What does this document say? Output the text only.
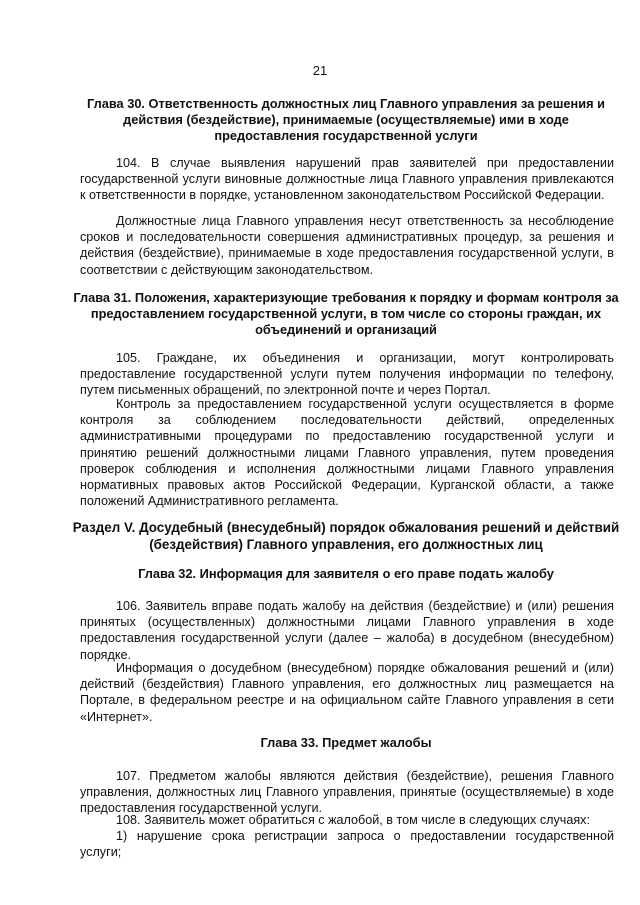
21
Глава 30. Ответственность должностных лиц Главного управления за решения и действия (бездействие), принимаемые (осуществляемые) ими в ходе предоставления государственной услуги

104. В случае выявления нарушений прав заявителей при предоставлении государственной услуги виновные должностные лица Главного управления привлекаются к ответственности в порядке, установленном законодательством Российской Федерации.

Должностные лица Главного управления несут ответственность за несоблюдение сроков и последовательности совершения административных процедур, за решения и действия (бездействие), принимаемые в ходе предоставления государственной услуги, в соответствии с действующим законодательством.

Глава 31. Положения, характеризующие требования к порядку и формам контроля за предоставлением государственной услуги, в том числе со стороны граждан, их объединений и организаций

105. Граждане, их объединения и организации, могут контролировать предоставление государственной услуги путем получения информации по телефону, путем письменных обращений, по электронной почте и через Портал.

Контроль за предоставлением государственной услуги осуществляется в форме контроля за соблюдением последовательности действий, определенных административными процедурами по предоставлению государственной услуги и принятию решений должностными лицами Главного управления, путем проведения проверок соблюдения и исполнения должностными лицами Главного управления нормативных правовых актов Российской Федерации, Курганской области, а также положений Административного регламента.

Раздел V. Досудебный (внесудебный) порядок обжалования решений и действий (бездействия) Главного управления, его должностных лиц
Глава 32. Информация для заявителя о его праве подать жалобу

106. Заявитель вправе подать жалобу на действия (бездействие) и (или) решения принятых (осуществленных) должностными лицами Главного управления в ходе предоставления государственной услуги (далее – жалоба) в досудебном (внесудебном) порядке.

Информация о досудебном (внесудебном) порядке обжалования решений и (или) действий (бездействия) Главного управления, его должностных лиц размещается на Портале, в федеральном реестре и на официальном сайте Главного управления в сети «Интернет».

Глава 33. Предмет жалобы

107. Предметом жалобы являются действия (бездействие), решения Главного управления, должностных лиц Главного управления, принятые (осуществляемые) в ходе предоставления государственной услуги.

108. Заявитель может обратиться с жалобой, в том числе в следующих случаях:

1) нарушение срока регистрации запроса о предоставлении государственной услуги;
